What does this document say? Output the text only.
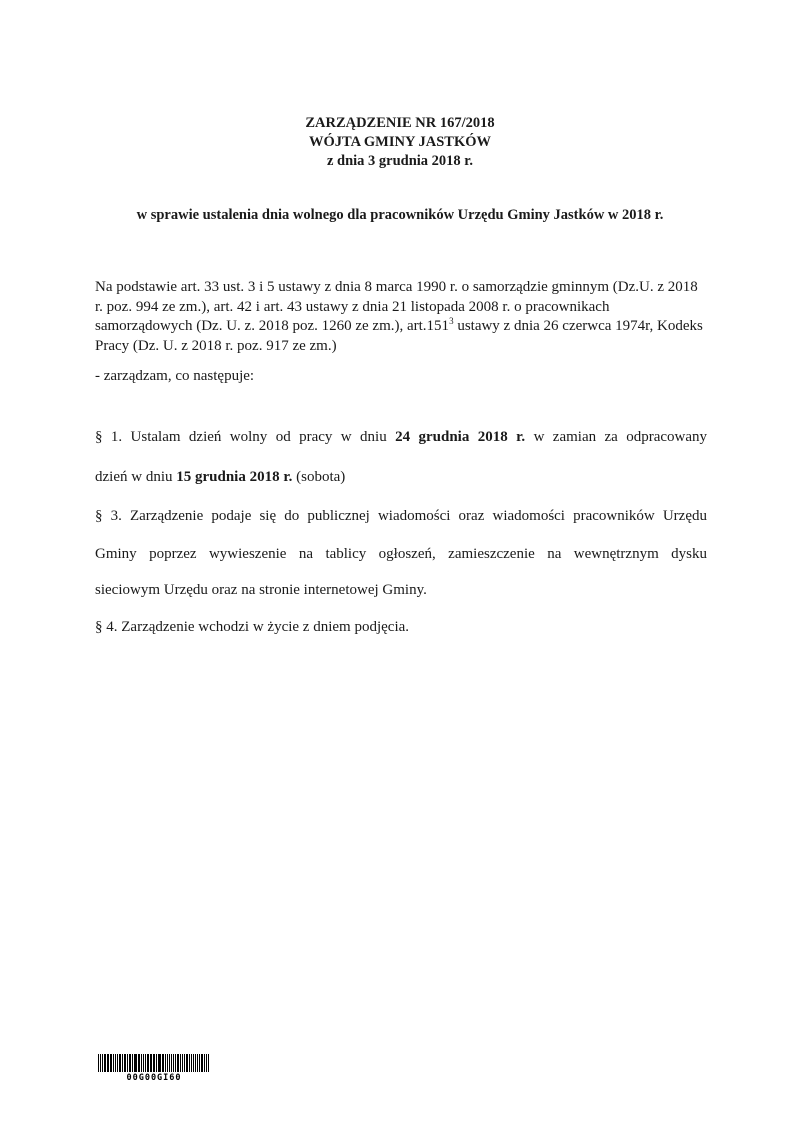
ZARZĄDZENIE NR 167/2018
WÓJTA GMINY JASTKÓW
z dnia 3 grudnia 2018 r.
w sprawie ustalenia dnia wolnego dla pracowników Urzędu Gminy Jastków w 2018 r.
Na podstawie art. 33 ust. 3 i 5 ustawy z dnia 8 marca 1990 r. o samorządzie gminnym (Dz.U. z 2018 r. poz. 994 ze zm.), art. 42 i art. 43 ustawy z dnia 21 listopada 2008 r. o pracownikach samorządowych (Dz. U. z. 2018 poz. 1260 ze zm.), art.151$^3$ ustawy z dnia 26 czerwca 1974r, Kodeks Pracy (Dz. U. z 2018 r. poz. 917 ze zm.)
- zarządzam, co następuje:
§ 1. Ustalam dzień wolny od pracy w dniu 24 grudnia 2018 r. w zamian za odpracowany
dzień w dniu 15 grudnia 2018 r. (sobota)
§ 3. Zarządzenie podaje się do publicznej wiadomości oraz wiadomości pracowników Urzędu
Gminy poprzez wywieszenie na tablicy ogłoszeń, zamieszczenie na wewnętrznym dysku
sieciowym Urzędu oraz na stronie internetowej Gminy.
§ 4. Zarządzenie wchodzi w życie z dniem podjęcia.
00G00GI60
